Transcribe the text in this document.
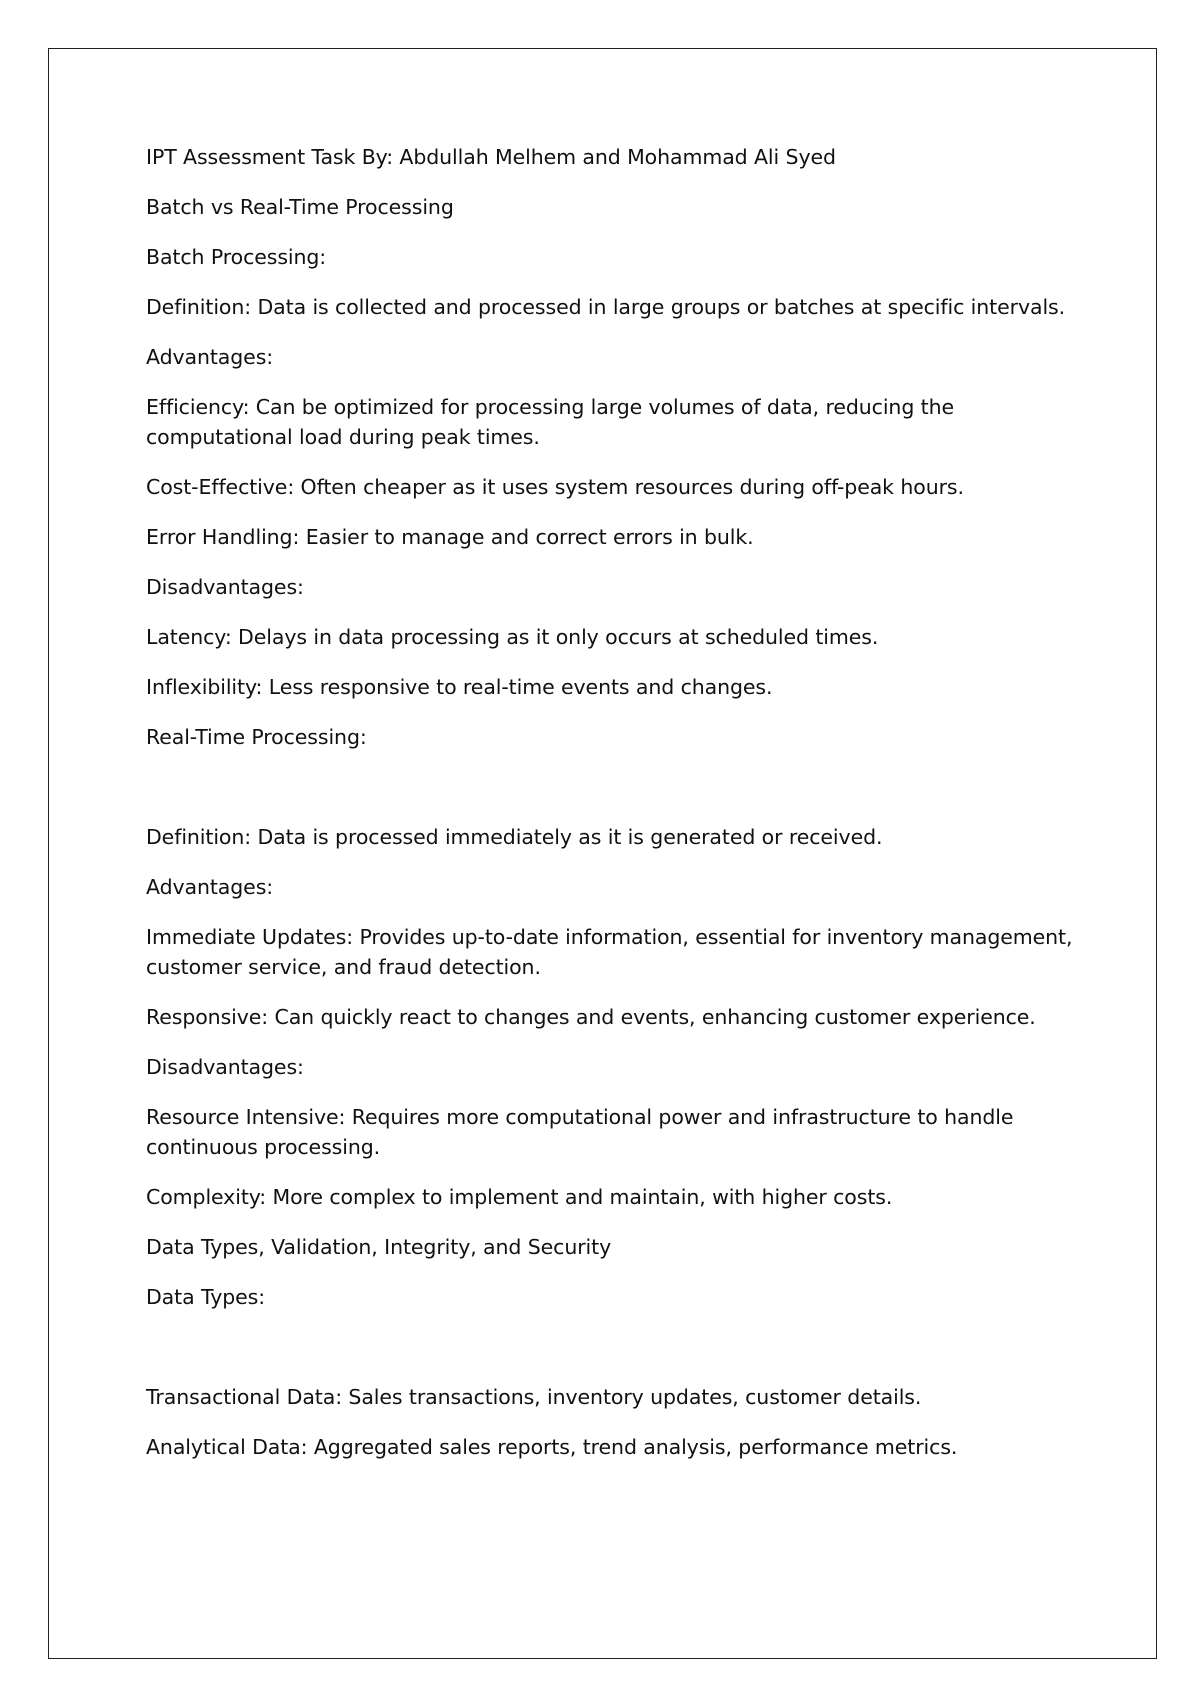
IPT Assessment Task By: Abdullah Melhem and Mohammad Ali Syed

Batch vs Real-Time Processing

Batch Processing:

Definition: Data is collected and processed in large groups or batches at specific intervals.

Advantages:

Efficiency: Can be optimized for processing large volumes of data, reducing the computational load during peak times.

Cost-Effective: Often cheaper as it uses system resources during off-peak hours.

Error Handling: Easier to manage and correct errors in bulk.

Disadvantages:

Latency: Delays in data processing as it only occurs at scheduled times.

Inflexibility: Less responsive to real-time events and changes.

Real-Time Processing:

Definition: Data is processed immediately as it is generated or received.

Advantages:

Immediate Updates: Provides up-to-date information, essential for inventory management, customer service, and fraud detection.

Responsive: Can quickly react to changes and events, enhancing customer experience.

Disadvantages:

Resource Intensive: Requires more computational power and infrastructure to handle continuous processing.

Complexity: More complex to implement and maintain, with higher costs.

Data Types, Validation, Integrity, and Security

Data Types:

Transactional Data: Sales transactions, inventory updates, customer details.

Analytical Data: Aggregated sales reports, trend analysis, performance metrics.
